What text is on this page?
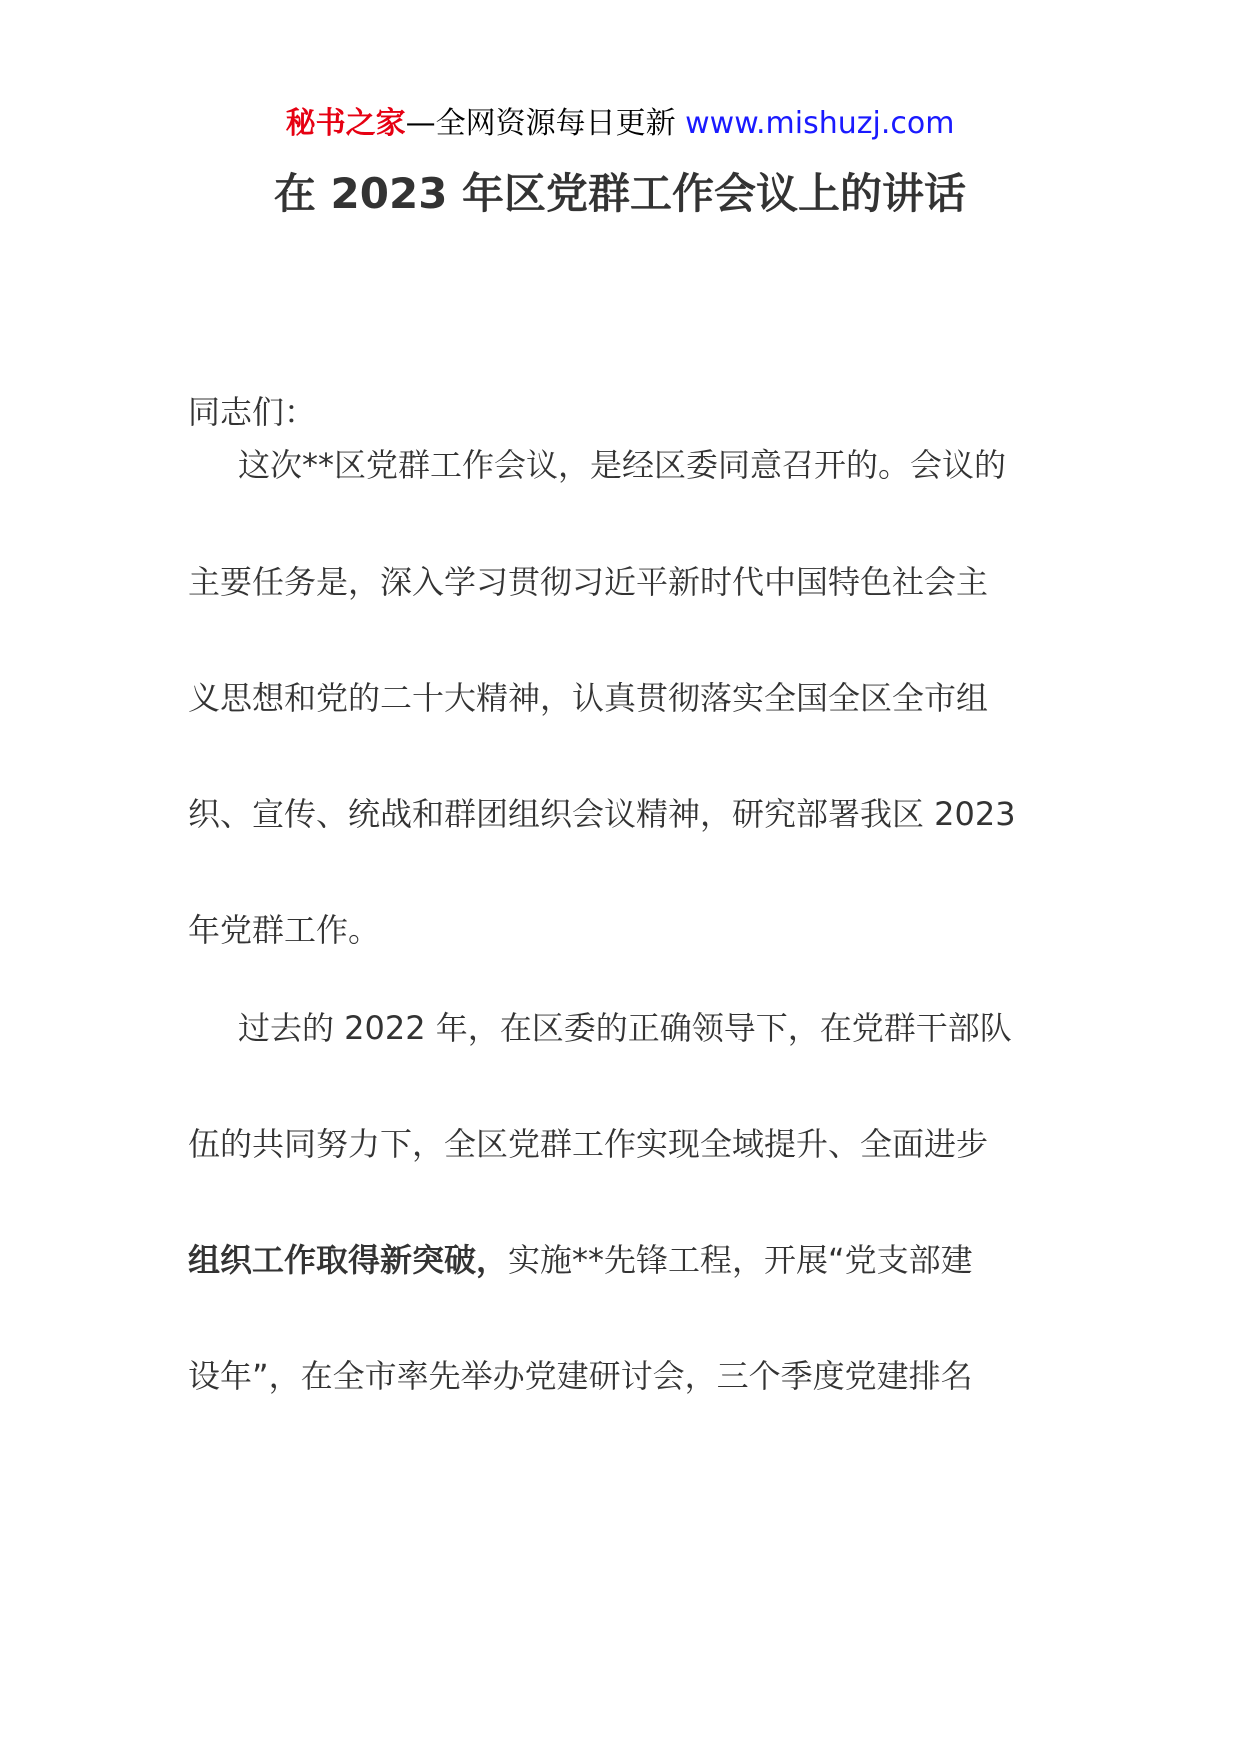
秘书之家—全网资源每日更新 www.mishuzj.com
在 2023 年区党群工作会议上的讲话
同志们：
这次**区党群工作会议，是经区委同意召开的。会议的
主要任务是，深入学习贯彻习近平新时代中国特色社会主
义思想和党的二十大精神，认真贯彻落实全国全区全市组
织、宣传、统战和群团组织会议精神，研究部署我区 2023
年党群工作。
过去的 2022 年，在区委的正确领导下，在党群干部队
伍的共同努力下，全区党群工作实现全域提升、全面进步
组织工作取得新突破，实施**先锋工程，开展“党支部建
设年”，在全市率先举办党建研讨会，三个季度党建排名
